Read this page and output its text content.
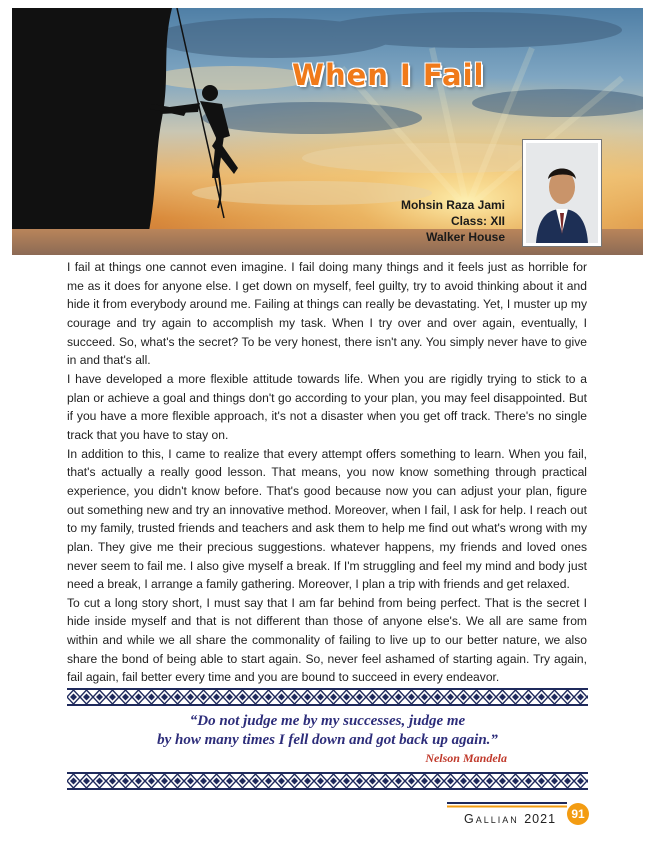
When I Fail
Mohsin Raza Jami
Class: XII
Walker House

I fail at things one cannot even imagine. I fail doing many things and it feels just as horrible for me as it does for anyone else. I get down on myself, feel guilty, try to avoid thinking about it and hide it from everybody around me. Failing at things can really be devastating. Yet, I muster up my courage and try again to accomplish my task. When I try over and over again, eventually, I succeed. So, what's the secret? To be very honest, there isn't any. You simply never have to give in and that's all.

I have developed a more flexible attitude towards life. When you are rigidly trying to stick to a plan or achieve a goal and things don't go according to your plan, you may feel disappointed. But if you have a more flexible approach, it's not a disaster when you get off track. There's no single track that you have to stay on.

In addition to this, I came to realize that every attempt offers something to learn. When you fail, that's actually a really good lesson. That means, you now know something through practical experience, you didn't know before. That's good because now you can adjust your plan, figure out something new and try an innovative method. Moreover, when I fail, I ask for help. I reach out to my family, trusted friends and teachers and ask them to help me find out what's wrong with my plan. They give me their precious suggestions. whatever happens, my friends and loved ones never seem to fail me. I also give myself a break. If I'm struggling and feel my mind and body just need a break, I arrange a family gathering. Moreover, I plan a trip with friends and get relaxed.

To cut a long story short, I must say that I am far behind from being perfect. That is the secret I hide inside myself and that is not different than those of anyone else's. We all are same from within and while we all share the commonality of failing to live up to our better nature, we also share the bond of being able to start again. So, never feel ashamed of starting again. Try again, fail again, fail better every time and you are bound to succeed in every endeavor.

“Do not judge me by my successes, judge me
by how many times I fell down and got back up again.”
Nelson Mandela
Gallian 2021	91
